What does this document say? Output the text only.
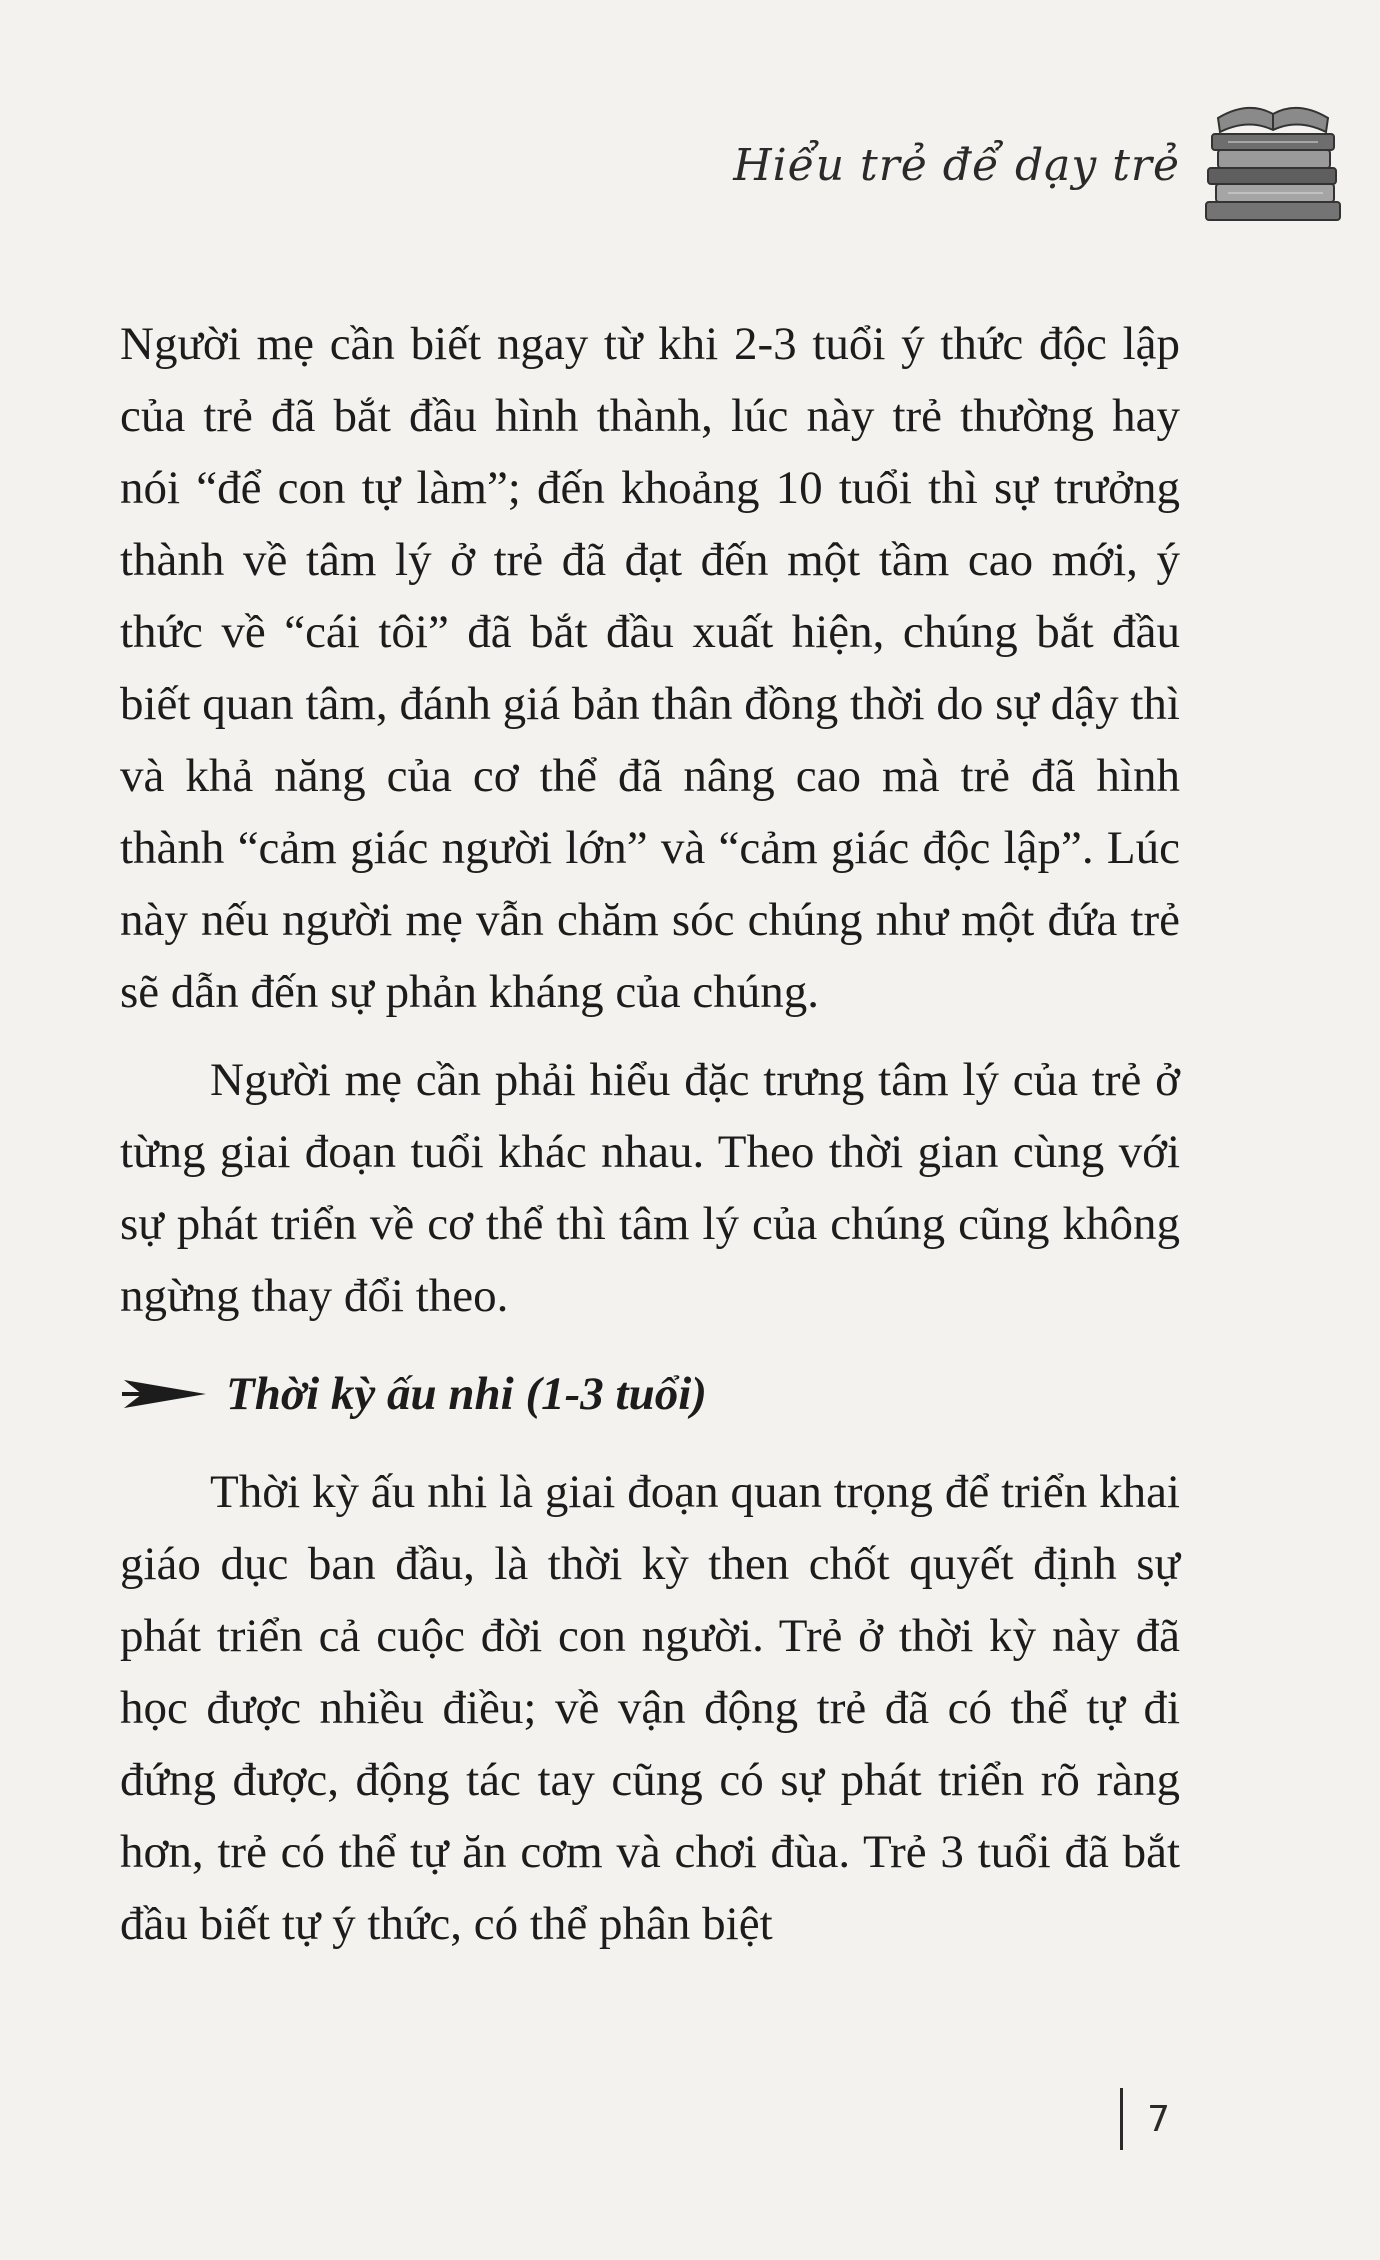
Hiểu trẻ để dạy trẻ

Người mẹ cần biết ngay từ khi 2-3 tuổi ý thức độc lập của trẻ đã bắt đầu hình thành, lúc này trẻ thường hay nói “để con tự làm”; đến khoảng 10 tuổi thì sự trưởng thành về tâm lý ở trẻ đã đạt đến một tầm cao mới, ý thức về “cái tôi” đã bắt đầu xuất hiện, chúng bắt đầu biết quan tâm, đánh giá bản thân đồng thời do sự dậy thì và khả năng của cơ thể đã nâng cao mà trẻ đã hình thành “cảm giác người lớn” và “cảm giác độc lập”. Lúc này nếu người mẹ vẫn chăm sóc chúng như một đứa trẻ sẽ dẫn đến sự phản kháng của chúng.

Người mẹ cần phải hiểu đặc trưng tâm lý của trẻ ở từng giai đoạn tuổi khác nhau. Theo thời gian cùng với sự phát triển về cơ thể thì tâm lý của chúng cũng không ngừng thay đổi theo.

Thời kỳ ấu nhi (1-3 tuổi)

Thời kỳ ấu nhi là giai đoạn quan trọng để triển khai giáo dục ban đầu, là thời kỳ then chốt quyết định sự phát triển cả cuộc đời con người. Trẻ ở thời kỳ này đã học được nhiều điều; về vận động trẻ đã có thể tự đi đứng được, động tác tay cũng có sự phát triển rõ ràng hơn, trẻ có thể tự ăn cơm và chơi đùa. Trẻ 3 tuổi đã bắt đầu biết tự ý thức, có thể phân biệt

7
